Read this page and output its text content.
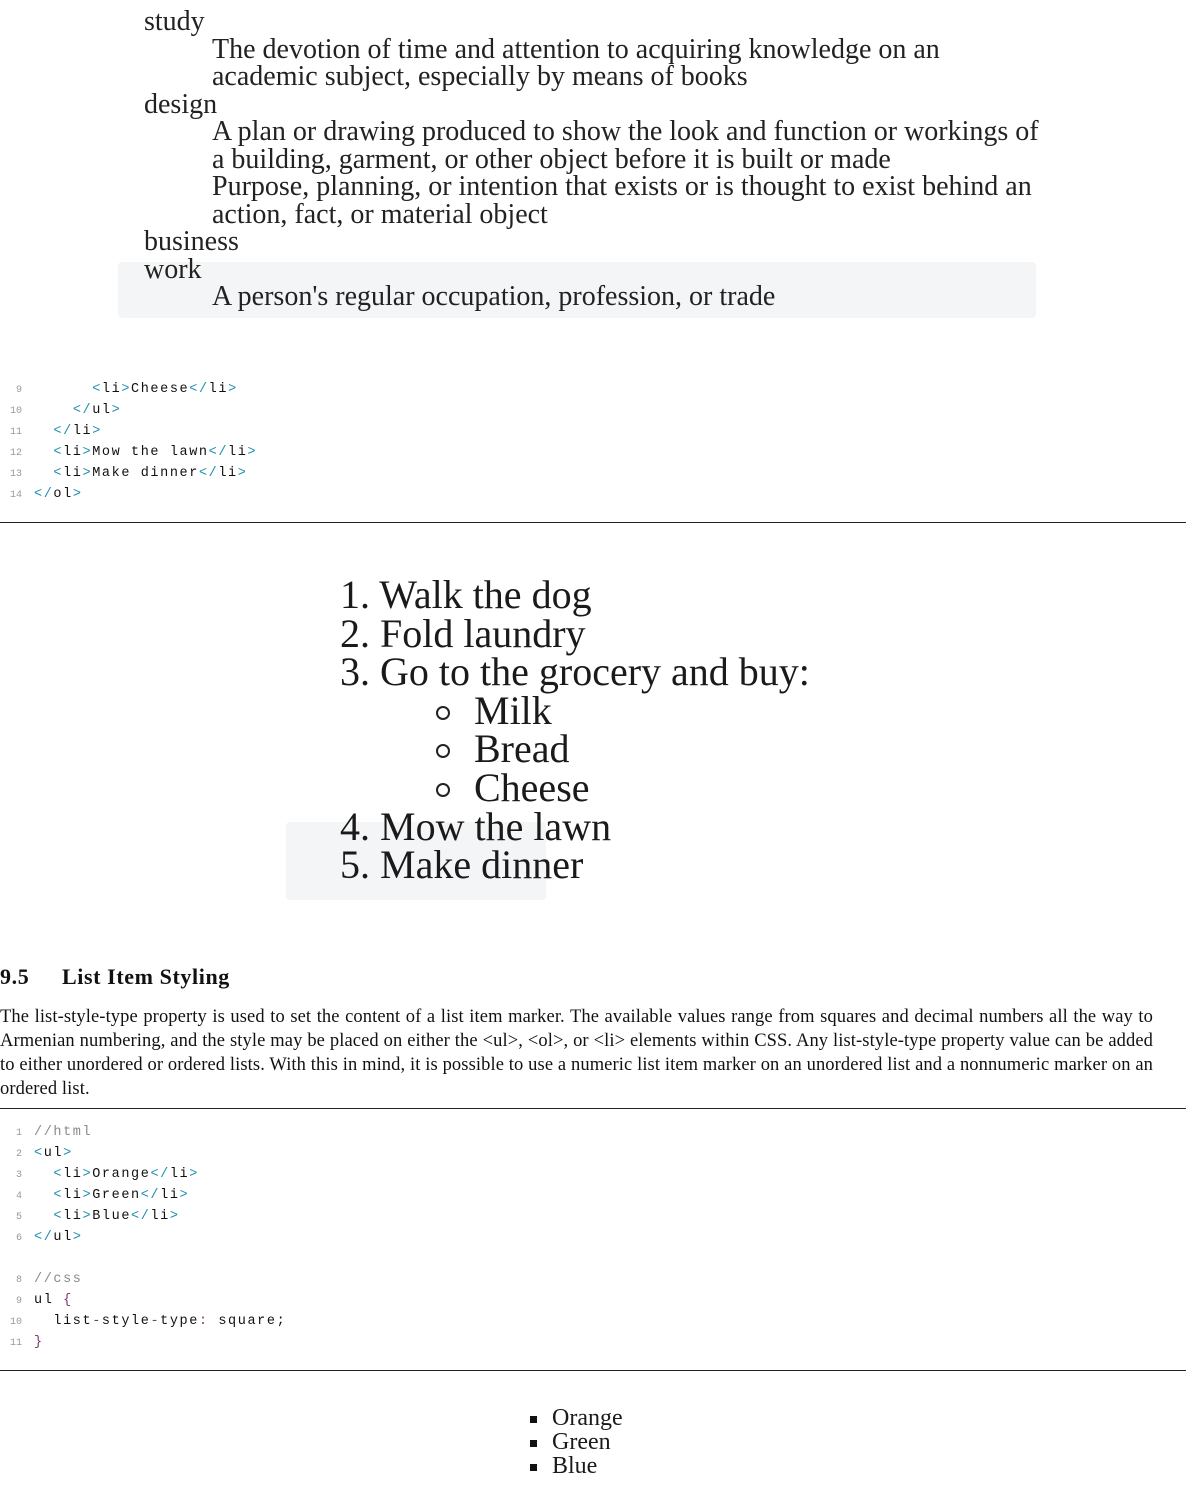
study
The devotion of time and attention to acquiring knowledge on an academic subject, especially by means of books
design
A plan or drawing produced to show the look and function or workings of a building, garment, or other object before it is built or made
Purpose, planning, or intention that exists or is thought to exist behind an action, fact, or material object
business
work
A person's regular occupation, profession, or trade
9	<li>Cheese</li>
10	</ul>
11	</li>
12	<li>Mow the lawn</li>
13	<li>Make dinner</li>
14 </ol>
1. Walk the dog
2. Fold laundry
3. Go to the grocery and buy:
Milk
Bread
Cheese
4. Mow the lawn
5. Make dinner
9.5 List Item Styling
The list-style-type property is used to set the content of a list item marker. The available values range from squares and decimal numbers all the way to Armenian numbering, and the style may be placed on either the <ul>, <ol>, or <li> elements within CSS. Any list-style-type property value can be added to either unordered or ordered lists. With this in mind, it is possible to use a numeric list item marker on an unordered list and a nonnumeric marker on an ordered list.
1 //html
2 <ul>
3	<li>Orange</li>
4	<li>Green</li>
5	<li>Blue</li>
6 </ul>
8 //css
9 ul {
10 list-style-type: square;
11 }
Orange
Green
Blue
